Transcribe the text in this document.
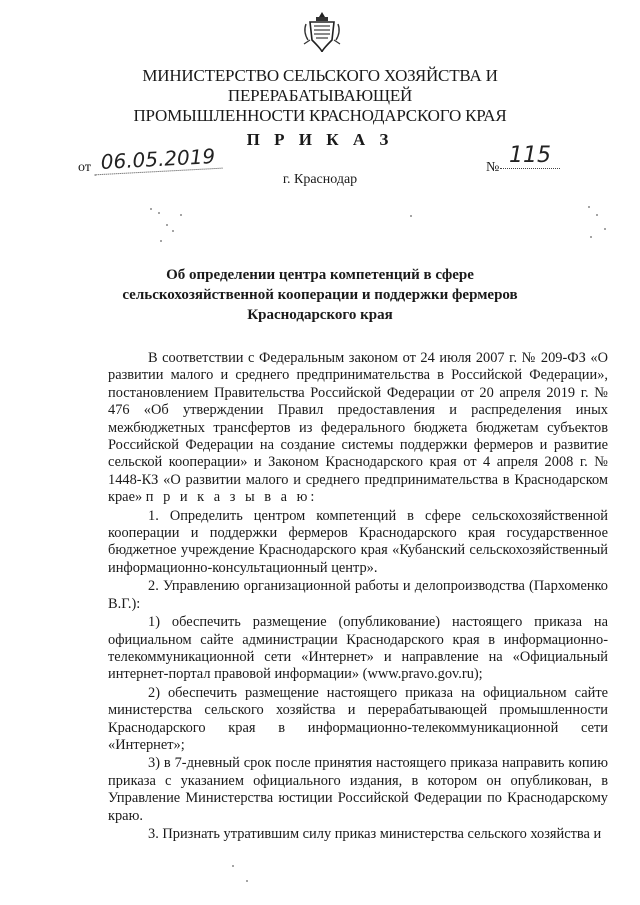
МИНИСТЕРСТВО СЕЛЬСКОГО ХОЗЯЙСТВА И ПЕРЕРАБАТЫВАЮЩЕЙ
ПРОМЫШЛЕННОСТИ КРАСНОДАРСКОГО КРАЯ
П Р И К А З
от 06.05.2019	№ 115
г. Краснодар
Об определении центра компетенций в сфере
сельскохозяйственной кооперации и поддержки фермеров
Краснодарского края

В соответствии с Федеральным законом от 24 июля 2007 г. № 209-ФЗ «О развитии малого и среднего предпринимательства в Российской Федерации», постановлением Правительства Российской Федерации от 20 апреля 2019 г. № 476 «Об утверждении Правил предоставления и распределения иных межбюджетных трансфертов из федерального бюджета бюджетам субъектов Российской Федерации на создание системы поддержки фермеров и развитие сельской кооперации» и Законом Краснодарского края от 4 апреля 2008 г. № 1448-КЗ «О развитии малого и среднего предпринимательства в Краснодарском крае» п р и к а з ы в а ю:

1. Определить центром компетенций в сфере сельскохозяйственной кооперации и поддержки фермеров Краснодарского края государственное бюджетное учреждение Краснодарского края «Кубанский сельскохозяйственный информационно-консультационный центр».

2. Управлению организационной работы и делопроизводства (Пархоменко В.Г.):

1) обеспечить размещение (опубликование) настоящего приказа на официальном сайте администрации Краснодарского края в информационно-телекоммуникационной сети «Интернет» и направление на «Официальный интернет-портал правовой информации» (www.pravo.gov.ru);

2) обеспечить размещение настоящего приказа на официальном сайте министерства сельского хозяйства и перерабатывающей промышленности Краснодарского края в информационно-телекоммуникационной сети «Интернет»;

3) в 7-дневный срок после принятия настоящего приказа направить копию приказа с указанием официального издания, в котором он опубликован, в Управление Министерства юстиции Российской Федерации по Краснодарскому краю.

3. Признать утратившим силу приказ министерства сельского хозяйства и
